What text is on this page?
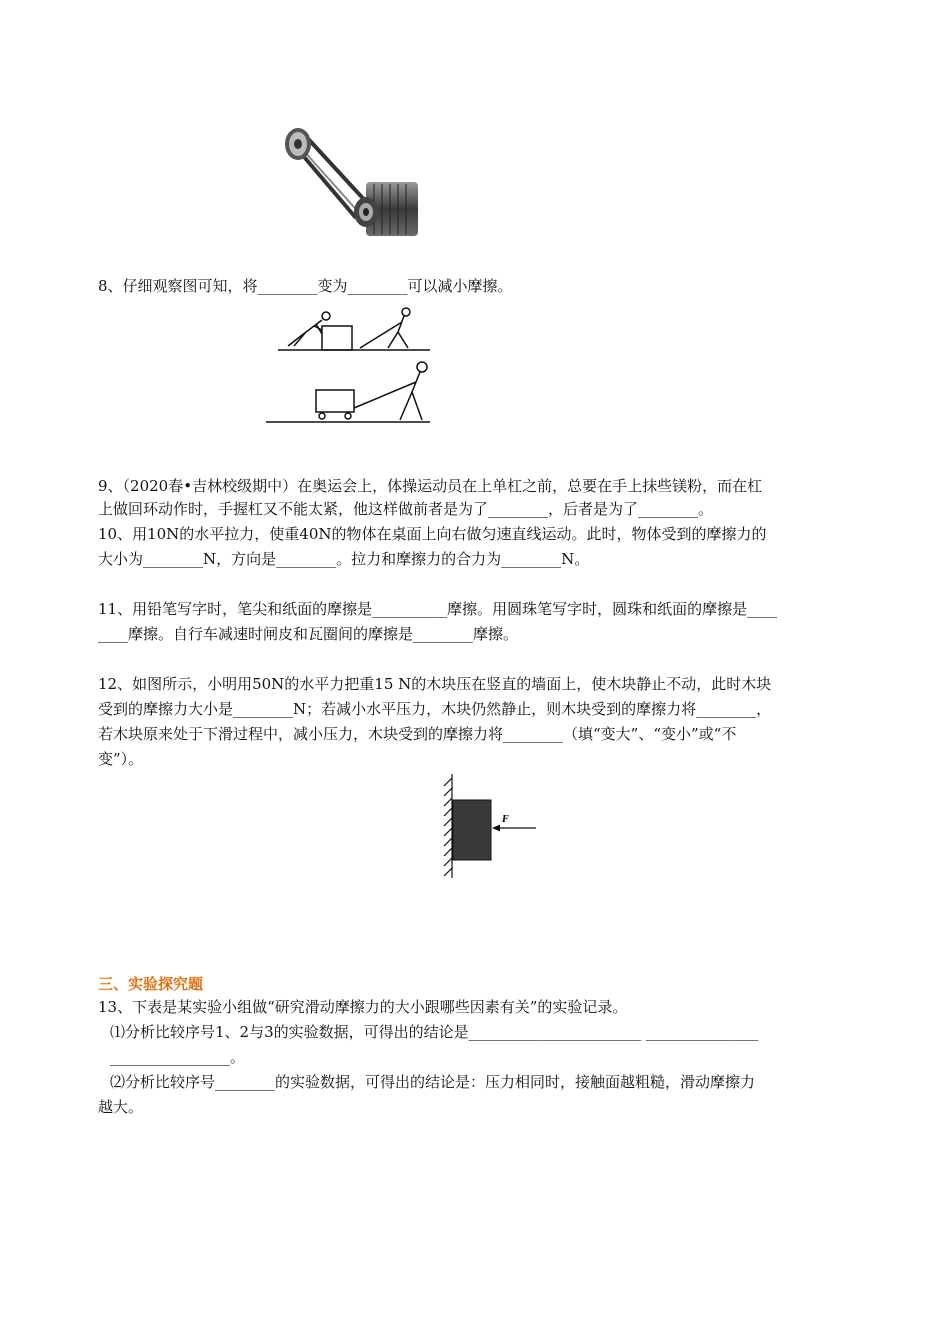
8、仔细观察图可知，将________变为________可以减小摩擦。
9、（2020春•吉林校级期中）在奥运会上，体操运动员在上单杠之前，总要在手上抹些镁粉，而在杠
上做回环动作时，手握杠又不能太紧，他这样做前者是为了________，后者是为了________。
10、用10N的水平拉力，使重40N的物体在桌面上向右做匀速直线运动。此时，物体受到的摩擦力的
大小为________N，方向是________。拉力和摩擦力的合力为________N。
11、用铅笔写字时，笔尖和纸面的摩擦是__________摩擦。用圆珠笔写字时，圆珠和纸面的摩擦是____
____摩擦。自行车减速时闸皮和瓦圈间的摩擦是________摩擦。
12、如图所示，小明用50N的水平力把重15 N的木块压在竖直的墙面上，使木块静止不动，此时木块
受到的摩擦力大小是________N；若减小水平压力，木块仍然静止，则木块受到的摩擦力将________，
若木块原来处于下滑过程中，减小压力，木块受到的摩擦力将________（填“变大”、“变小”或“不
变”）。
F
三、实验探究题
13、下表是某实验小组做“研究滑动摩擦力的大小跟哪些因素有关”的实验记录。
⑴分析比较序号1、2与3的实验数据，可得出的结论是_______________________ _______________
________________。
⑵分析比较序号________的实验数据，可得出的结论是：压力相同时，接触面越粗糙，滑动摩擦力
越大。
